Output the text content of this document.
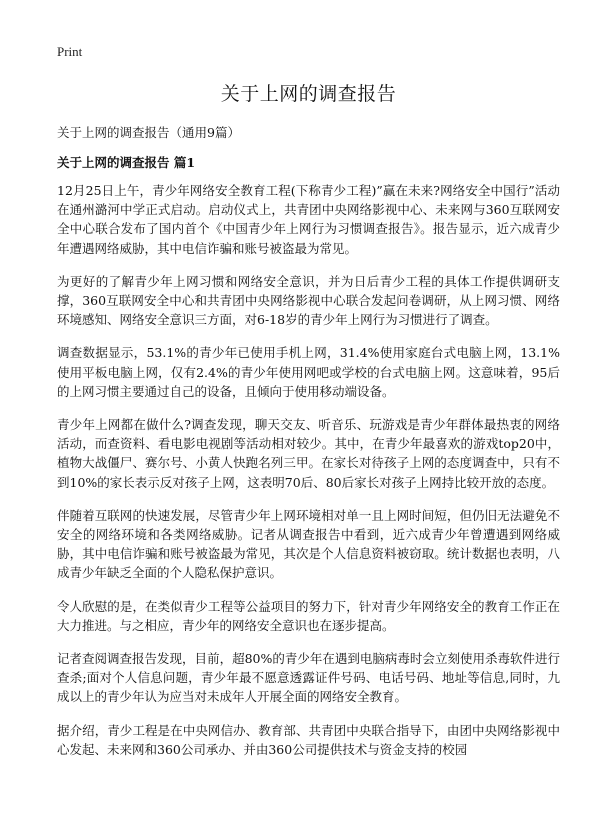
Print
关于上网的调查报告
关于上网的调查报告（通用9篇）
关于上网的调查报告 篇1

12月25日上午，青少年网络安全教育工程(下称青少工程)”赢在未来?网络安全中国行”活动在通州潞河中学正式启动。启动仪式上，共青团中央网络影视中心、未来网与360互联网安全中心联合发布了国内首个《中国青少年上网行为习惯调查报告》。报告显示，近六成青少年遭遇网络威胁，其中电信诈骗和账号被盗最为常见。

为更好的了解青少年上网习惯和网络安全意识，并为日后青少工程的具体工作提供调研支撑，360互联网安全中心和共青团中央网络影视中心联合发起问卷调研，从上网习惯、网络环境感知、网络安全意识三方面，对6-18岁的青少年上网行为习惯进行了调查。

调查数据显示，53.1%的青少年已使用手机上网，31.4%使用家庭台式电脑上网，13.1%使用平板电脑上网，仅有2.4%的青少年使用网吧或学校的台式电脑上网。这意味着，95后的上网习惯主要通过自己的设备，且倾向于使用移动端设备。

青少年上网都在做什么?调查发现，聊天交友、听音乐、玩游戏是青少年群体最热衷的网络活动，而查资料、看电影电视剧等活动相对较少。其中，在青少年最喜欢的游戏top20中，植物大战僵尸、赛尔号、小黄人快跑名列三甲。在家长对待孩子上网的态度调查中，只有不到10%的家长表示反对孩子上网，这表明70后、80后家长对孩子上网持比较开放的态度。

伴随着互联网的快速发展，尽管青少年上网环境相对单一且上网时间短，但仍旧无法避免不安全的网络环境和各类网络威胁。记者从调查报告中看到，近六成青少年曾遭遇到网络威胁，其中电信诈骗和账号被盗最为常见，其次是个人信息资料被窃取。统计数据也表明，八成青少年缺乏全面的个人隐私保护意识。

令人欣慰的是，在类似青少工程等公益项目的努力下，针对青少年网络安全的教育工作正在大力推进。与之相应，青少年的网络安全意识也在逐步提高。

记者查阅调查报告发现，目前，超80%的青少年在遇到电脑病毒时会立刻使用杀毒软件进行查杀;面对个人信息问题，青少年最不愿意透露证件号码、电话号码、地址等信息,同时，九成以上的青少年认为应当对未成年人开展全面的网络安全教育。

据介绍，青少工程是在中央网信办、教育部、共青团中央联合指导下，由团中央网络影视中心发起、未来网和360公司承办、并由360公司提供技术与资金支持的校园
